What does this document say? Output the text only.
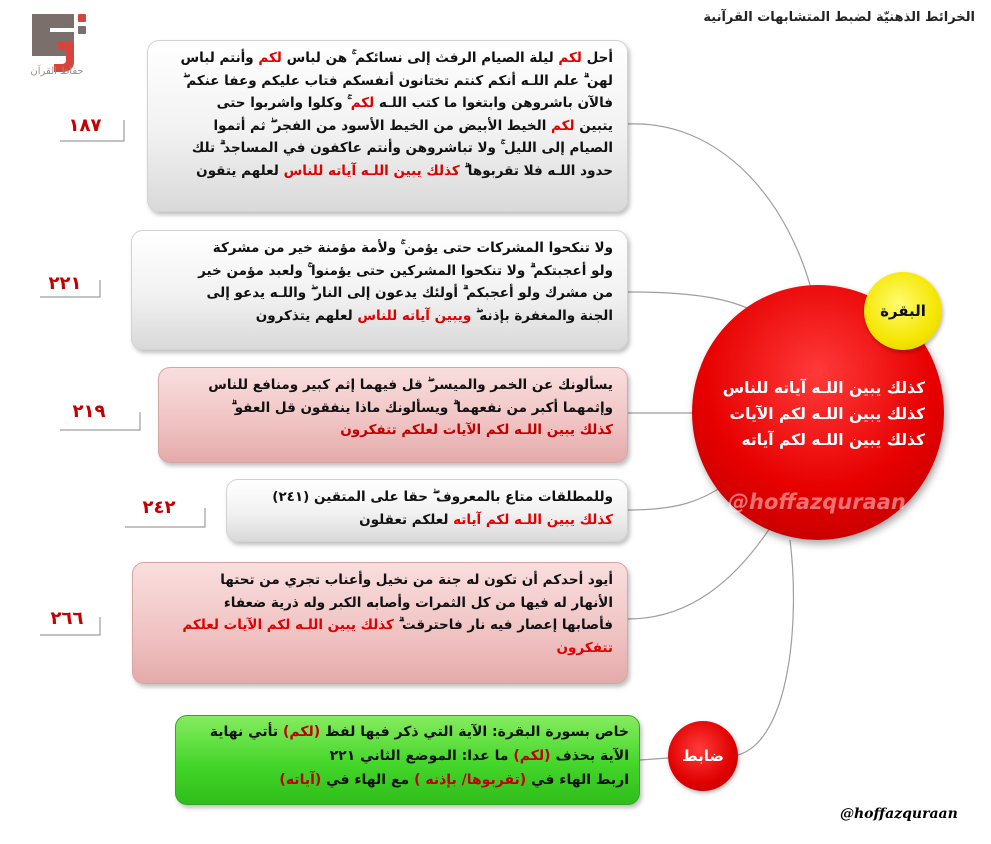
الخرائط الذهنيّة لضبط المتشابهات القرآنية
حفاظ القرآن
أحل لكم ليلة الصيام الرفث إلى نسائكم ۚ هن لباس لكم وأنتم لباس
لهن ۗ علم اللـه أنكم كنتم تختانون أنفسكم فتاب عليكم وعفا عنكم ۖ
فالآن باشروهن وابتغوا ما كتب اللـه لكم ۚ وكلوا واشربوا حتى
يتبين لكم الخيط الأبيض من الخيط الأسود من الفجر ۖ ثم أتموا
الصيام إلى الليل ۚ ولا تباشروهن وأنتم عاكفون في المساجد ۗ تلك
حدود اللـه فلا تقربوها ۗ كذلك يبين اللـه آياته للناس لعلهم يتقون
١٨٧
ولا تنكحوا المشركات حتى يؤمن ۚ ولأمة مؤمنة خير من مشركة
ولو أعجبتكم ۗ ولا تنكحوا المشركين حتى يؤمنوا ۚ ولعبد مؤمن خير
من مشرك ولو أعجبكم ۗ أولئك يدعون إلى النار ۖ واللـه يدعو إلى
الجنة والمغفرة بإذنه ۖ ويبين آياته للناس لعلهم يتذكرون
٢٢١
يسألونك عن الخمر والميسر ۖ قل فيهما إثم كبير ومنافع للناس
وإثمهما أكبر من نفعهما ۗ ويسألونك ماذا ينفقون قل العفو ۗ
كذلك يبين اللـه لكم الآيات لعلكم تتفكرون
٢١٩
وللمطلقات متاع بالمعروف ۖ حقا على المتقين (٢٤١)
كذلك يبين اللـه لكم آياته لعلكم تعقلون
٢٤٢
أيود أحدكم أن تكون له جنة من نخيل وأعناب تجري من تحتها
الأنهار له فيها من كل الثمرات وأصابه الكبر وله ذرية ضعفاء
فأصابها إعصار فيه نار فاحترقت ۗ كذلك يبين اللـه لكم الآيات لعلكم
تتفكرون
٢٦٦
كذلك يبين اللـه آياته للناس
كذلك يبين اللـه لكم الآيات
كذلك يبين اللـه لكم آياته
@hoffazquraan
البقرة
خاص بسورة البقرة: الآية التي ذكر فيها لفظ (لكم) تأتي نهاية
الآية بحذف (لكم) ما عدا: الموضع الثاني ٢٢١
اربط الهاء في (تقربوها/ بإذنه ) مع الهاء في (آياته)
ضابط
@hoffazquraan
